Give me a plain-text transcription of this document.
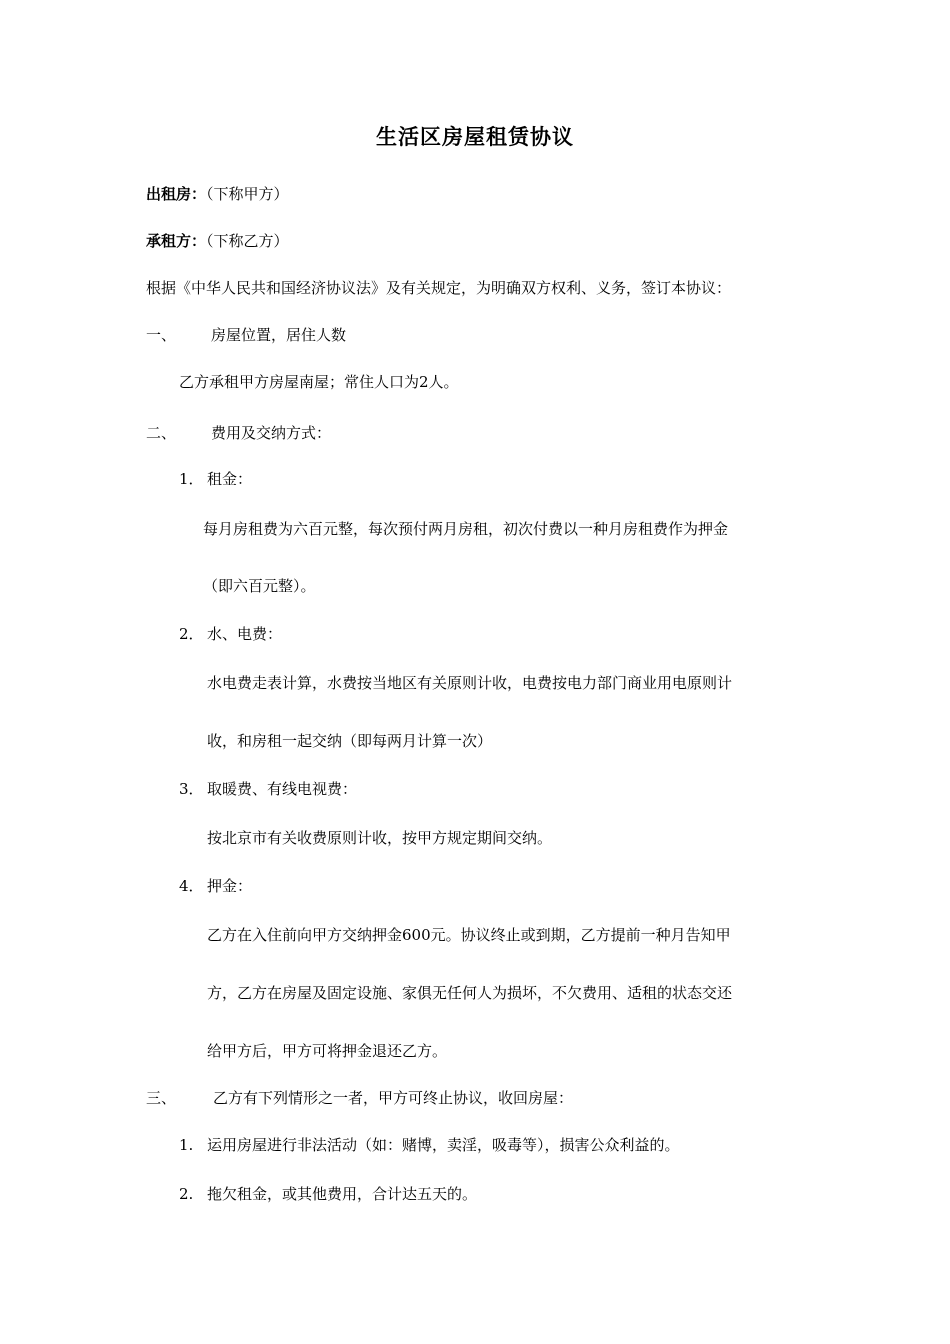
生活区房屋租赁协议
出租房：（下称甲方）
承租方：（下称乙方）
根据《中华人民共和国经济协议法》及有关规定，为明确双方权利、义务，签订本协议：
一、 房屋位置，居住人数
乙方承租甲方房屋南屋；常住人口为2人。
二、 费用及交纳方式：
1． 租金：
每月房租费为六百元整，每次预付两月房租，初次付费以一种月房租费作为押金
（即六百元整）。
2． 水、电费：
水电费走表计算，水费按当地区有关原则计收，电费按电力部门商业用电原则计
收，和房租一起交纳（即每两月计算一次）
3． 取暖费、有线电视费：
按北京市有关收费原则计收，按甲方规定期间交纳。
4． 押金：
乙方在入住前向甲方交纳押金600元。协议终止或到期，乙方提前一种月告知甲
方，乙方在房屋及固定设施、家俱无任何人为损坏，不欠费用、适租的状态交还
给甲方后，甲方可将押金退还乙方。
三、 乙方有下列情形之一者，甲方可终止协议，收回房屋：
1. 运用房屋进行非法活动（如：赌博，卖淫，吸毒等），损害公众利益的。
2. 拖欠租金，或其他费用，合计达五天的。
